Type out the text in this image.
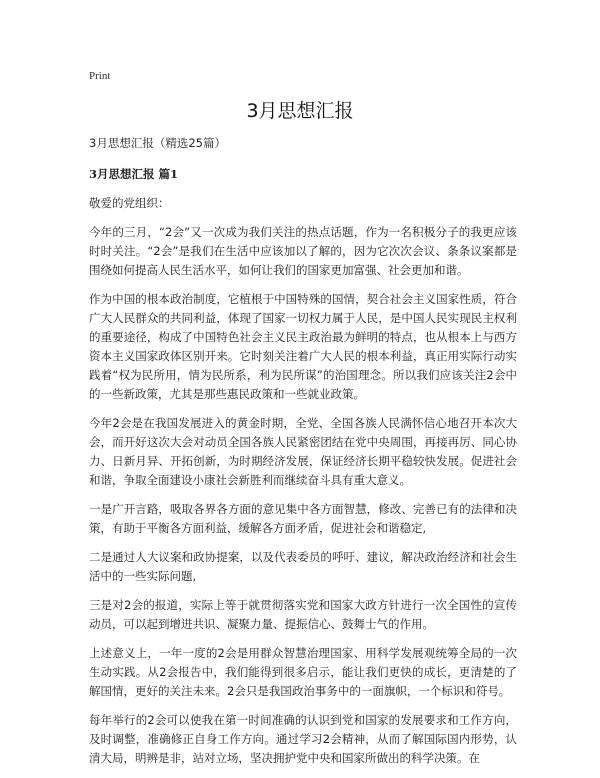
Print
3月思想汇报

3月思想汇报（精选25篇）

3月思想汇报 篇1

敬爱的党组织：

今年的三月，“2会”又一次成为我们关注的热点话题，作为一名积极分子的我更应该时时关注。“2会”是我们在生活中应该加以了解的，因为它次次会议、条条议案都是围绕如何提高人民生活水平，如何让我们的国家更加富强、社会更加和谐。

作为中国的根本政治制度，它植根于中国特殊的国情，契合社会主义国家性质，符合广大人民群众的共同利益，体现了国家一切权力属于人民，是中国人民实现民主权利的重要途径，构成了中国特色社会主义民主政治最为鲜明的特点，也从根本上与西方资本主义国家政体区别开来。它时刻关注着广大人民的根本利益，真正用实际行动实践着“权为民所用，情为民所系，利为民所谋”的治国理念。所以我们应该关注2会中的一些新政策，尤其是那些惠民政策和一些就业政策。

今年2会是在我国发展进入的黄金时期，全党、全国各族人民满怀信心地召开本次大会，而开好这次大会对动员全国各族人民紧密团结在党中央周围，再接再厉、同心协力、日新月异、开拓创新，为时期经济发展，保证经济长期平稳较快发展。促进社会和谐，争取全面建设小康社会新胜利而继续奋斗具有重大意义。

一是广开言路，吸取各界各方面的意见集中各方面智慧，修改、完善已有的法律和决策，有助于平衡各方面利益，缓解各方面矛盾，促进社会和谐稳定,

二是通过人大议案和政协提案，以及代表委员的呼吁、建议，解决政治经济和社会生活中的一些实际问题,

三是对2会的报道，实际上等于就贯彻落实党和国家大政方针进行一次全国性的宣传动员，可以起到增进共识、凝聚力量、提振信心、鼓舞士气的作用。

上述意义上，一年一度的2会是用群众智慧治理国家、用科学发展观统筹全局的一次生动实践。从2会报告中，我们能得到很多启示，能让我们更快的成长，更清楚的了解国情，更好的关注未来。2会只是我国政治事务中的一面旗帜，一个标识和符号。

每年举行的2会可以使我在第一时间准确的认识到党和国家的发展要求和工作方向，及时调整，准确修正自身工作方向。通过学习2会精神，从而了解国际国内形势，认清大局，明辨是非，站对立场，坚决拥护党中央和国家所做出的科学决策。在
